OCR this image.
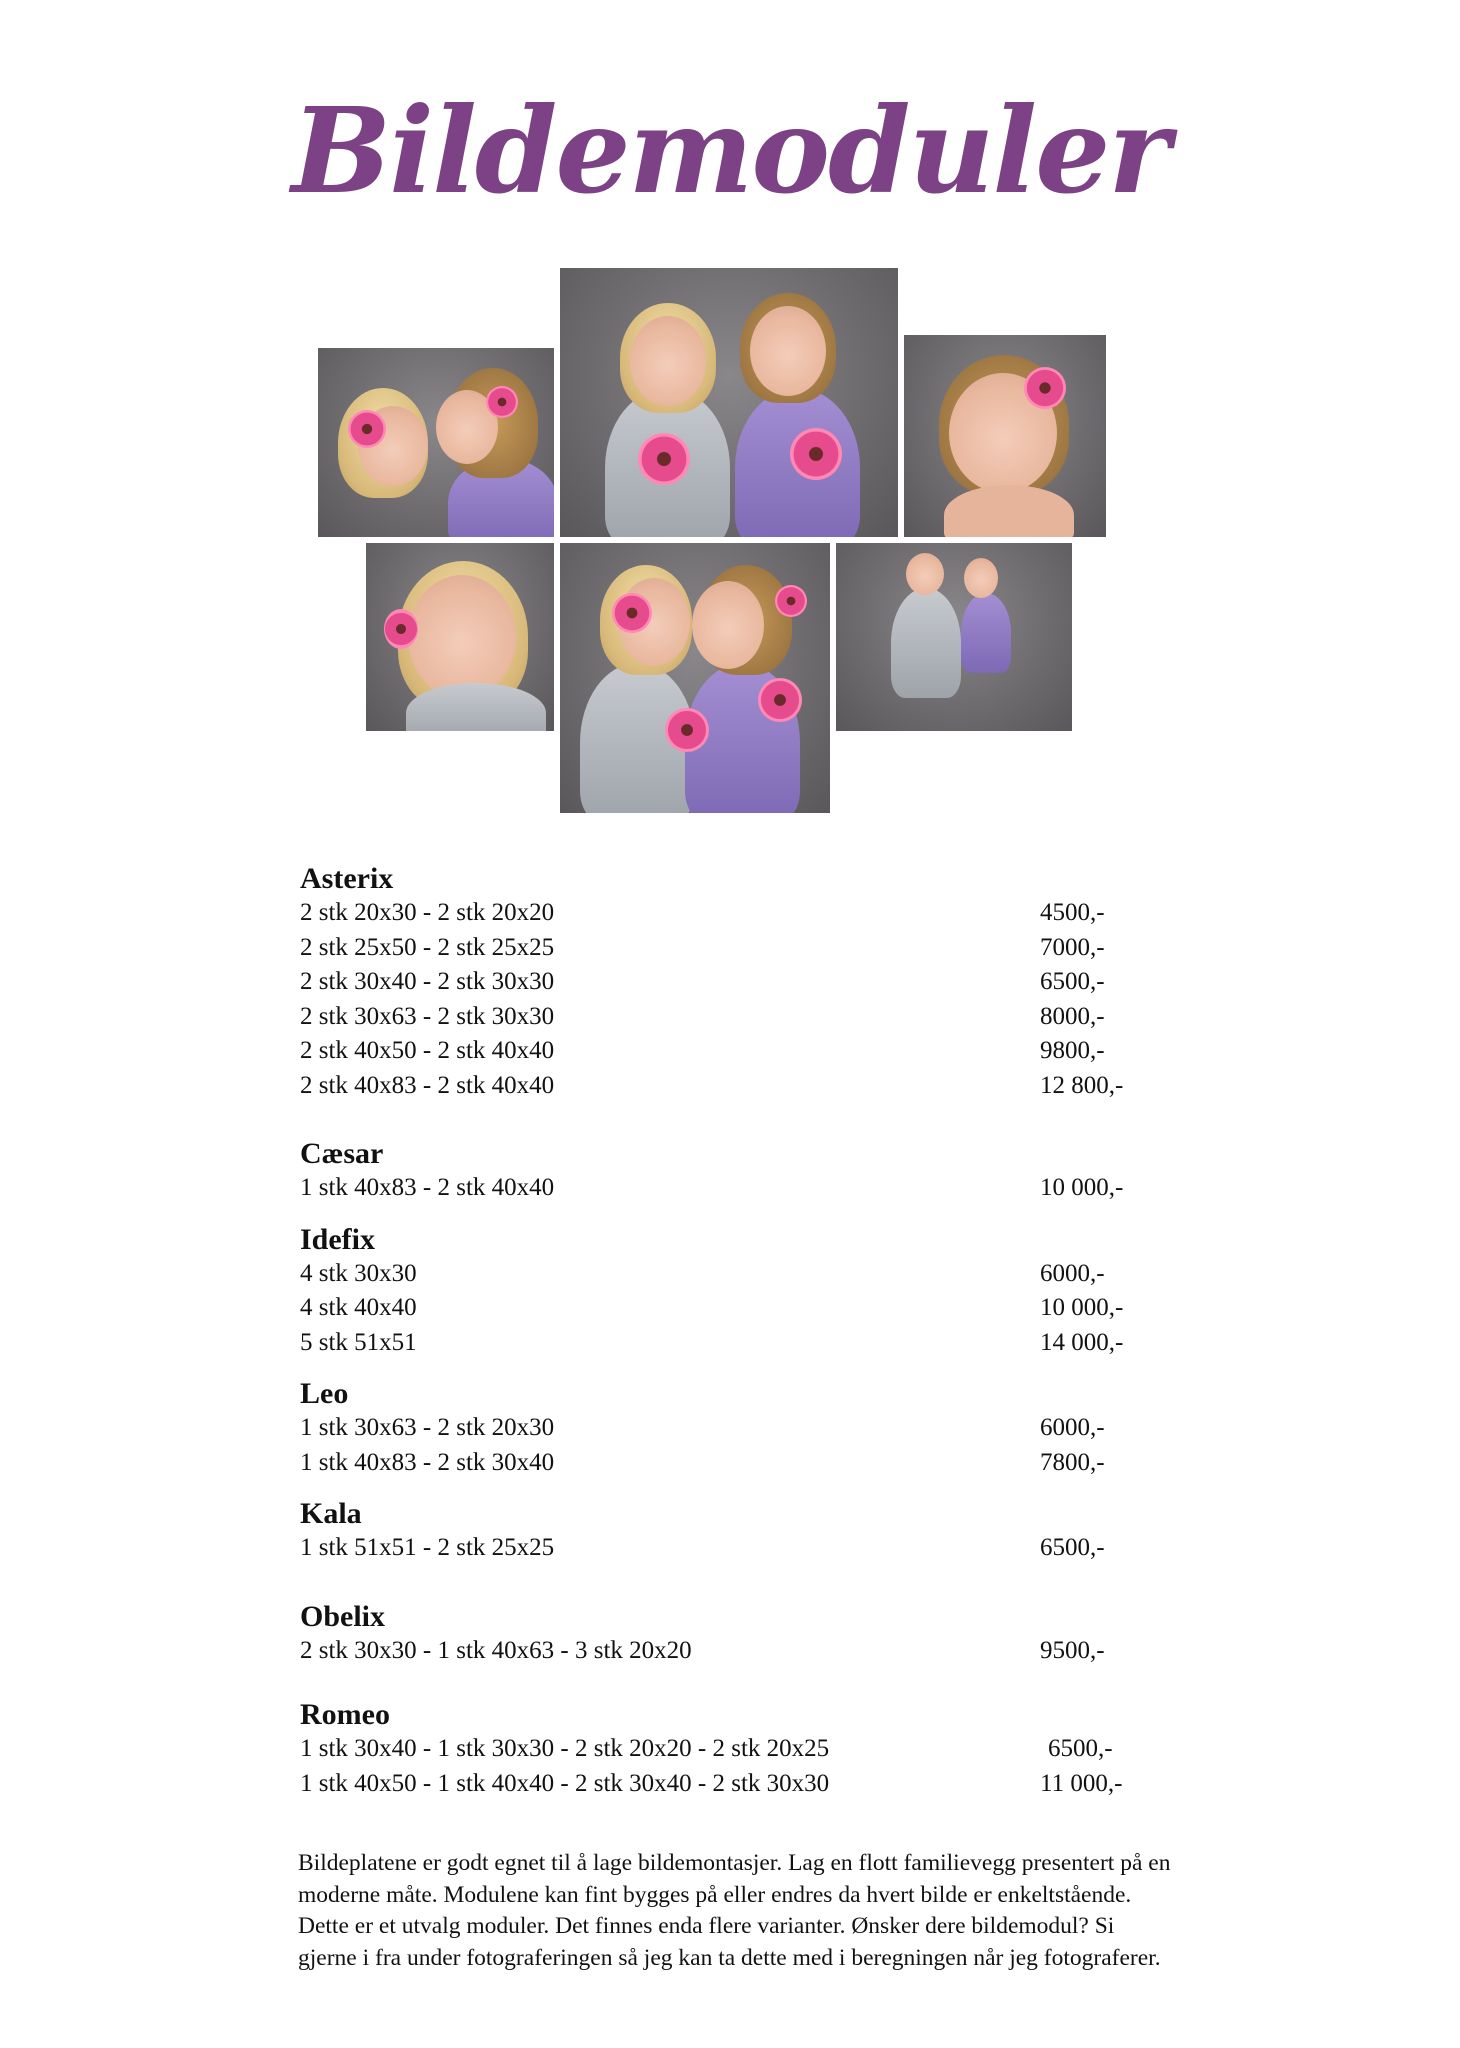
Bildemoduler
Asterix
2 stk 20x30 - 2 stk 20x20	4500,-
2 stk 25x50 - 2 stk 25x25	7000,-
2 stk 30x40 - 2 stk 30x30	6500,-
2 stk 30x63 - 2 stk 30x30	8000,-
2 stk 40x50 - 2 stk 40x40	9800,-
2 stk 40x83 - 2 stk 40x40	12 800,-
Cæsar
1 stk 40x83 - 2 stk 40x40	10 000,-
Idefix
4 stk 30x30	6000,-
4 stk 40x40	10 000,-
5 stk 51x51	14 000,-
Leo
1 stk 30x63 - 2 stk 20x30	6000,-
1 stk 40x83 - 2 stk 30x40	7800,-
Kala
1 stk 51x51 - 2 stk 25x25	6500,-
Obelix
2 stk 30x30 - 1 stk 40x63 - 3 stk 20x20	9500,-
Romeo
1 stk 30x40 - 1 stk 30x30 - 2 stk 20x20 - 2 stk 20x25	6500,-
1 stk 40x50 - 1 stk 40x40 - 2 stk 30x40 - 2 stk 30x30	11 000,-
Bildeplatene er godt egnet til å lage bildemontasjer. Lag en flott familievegg presentert på en moderne måte. Modulene kan fint bygges på eller endres da hvert bilde er enkeltstående. Dette er et utvalg moduler. Det finnes enda flere varianter. Ønsker dere bildemodul? Si gjerne i fra under fotograferingen så jeg kan ta dette med i beregningen når jeg fotograferer.
